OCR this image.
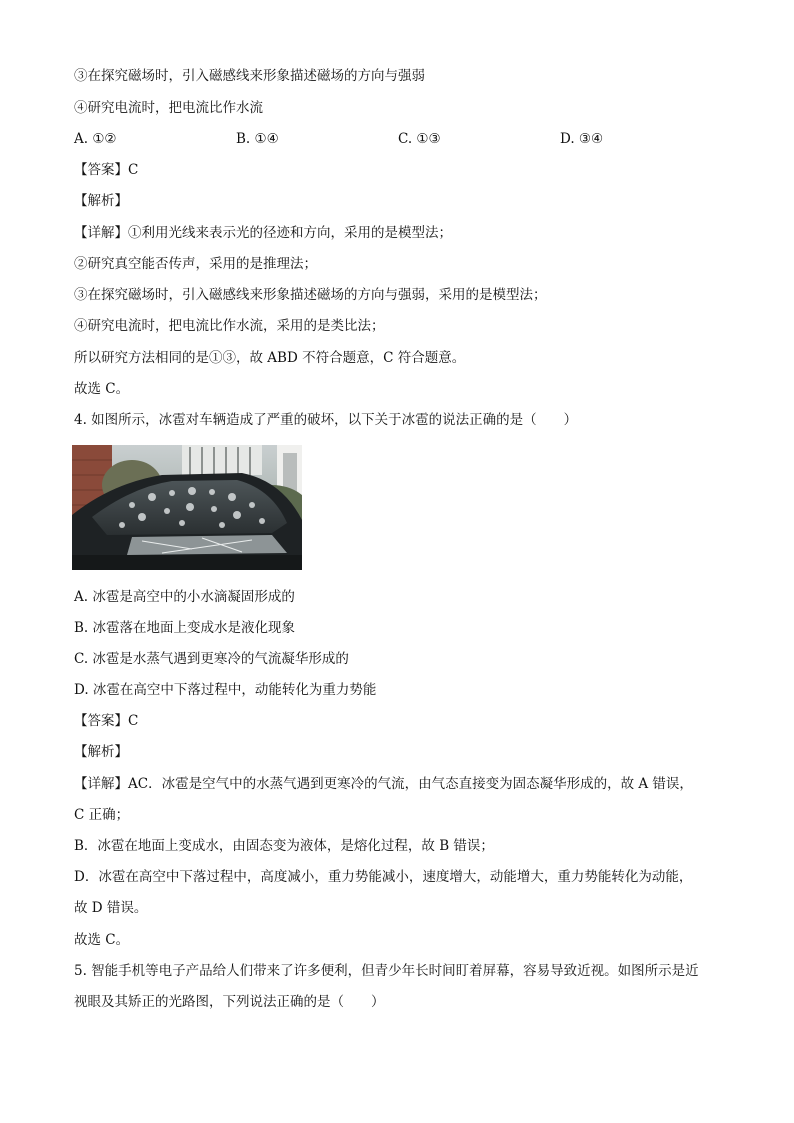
③在探究磁场时，引入磁感线来形象描述磁场的方向与强弱
④研究电流时，把电流比作水流
A. ①②	B. ①④	C. ①③	D. ③④
【答案】C
【解析】
【详解】①利用光线来表示光的径迹和方向，采用的是模型法；
②研究真空能否传声，采用的是推理法；
③在探究磁场时，引入磁感线来形象描述磁场的方向与强弱，采用的是模型法；
④研究电流时，把电流比作水流，采用的是类比法；
所以研究方法相同的是①③，故 ABD 不符合题意，C 符合题意。
故选 C。
4. 如图所示，冰雹对车辆造成了严重的破坏，以下关于冰雹的说法正确的是（　　）
A. 冰雹是高空中的小水滴凝固形成的
B. 冰雹落在地面上变成水是液化现象
C. 冰雹是水蒸气遇到更寒冷的气流凝华形成的
D. 冰雹在高空中下落过程中，动能转化为重力势能
【答案】C
【解析】
【详解】AC．冰雹是空气中的水蒸气遇到更寒冷的气流，由气态直接变为固态凝华形成的，故 A 错误，
C 正确；
B．冰雹在地面上变成水，由固态变为液体，是熔化过程，故 B 错误；
D．冰雹在高空中下落过程中，高度减小，重力势能减小，速度增大，动能增大，重力势能转化为动能，
故 D 错误。
故选 C。
5. 智能手机等电子产品给人们带来了许多便利，但青少年长时间盯着屏幕，容易导致近视。如图所示是近
视眼及其矫正的光路图，下列说法正确的是（　　）
